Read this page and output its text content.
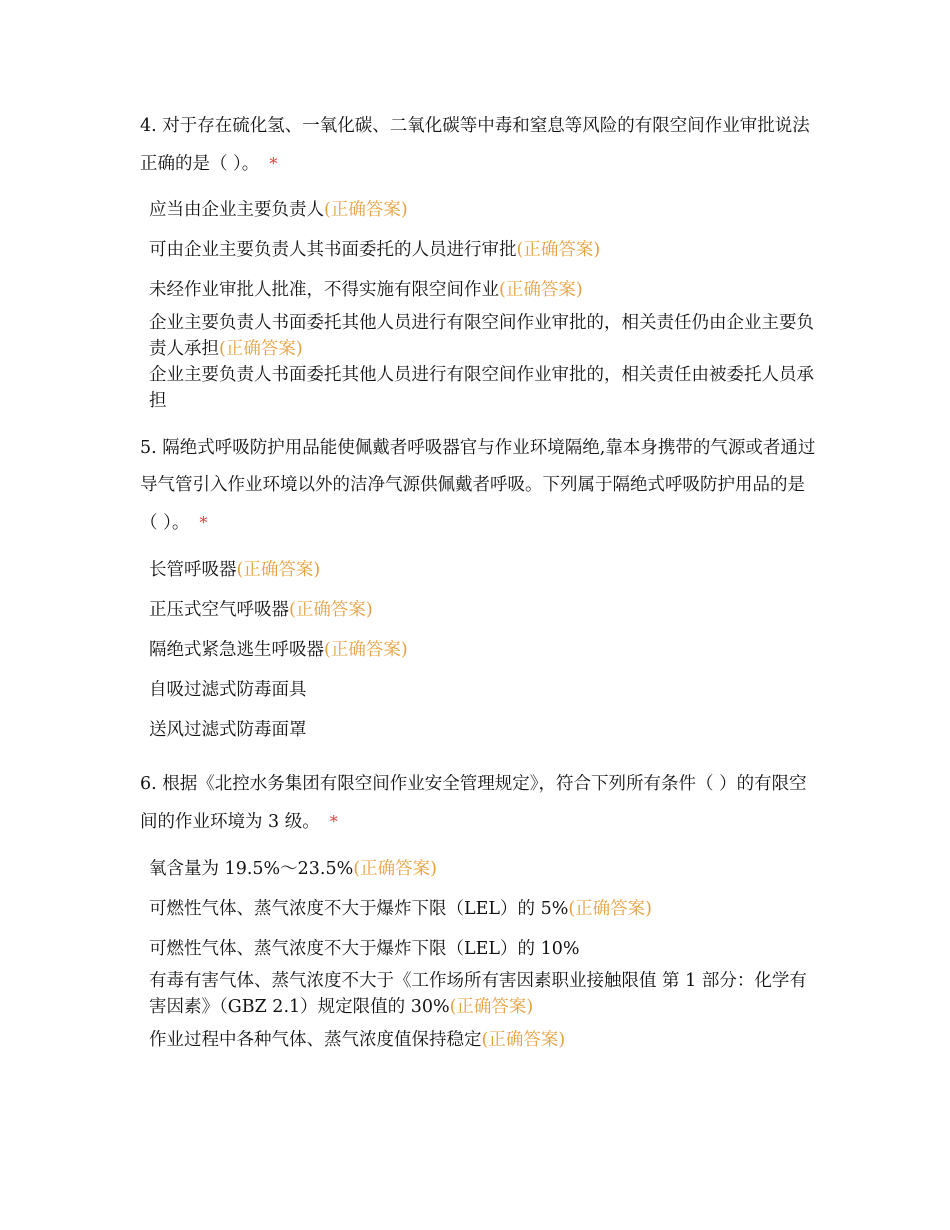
4. 对于存在硫化氢、一氧化碳、二氧化碳等中毒和窒息等风险的有限空间作业审批说法正确的是（ ）。 *

应当由企业主要负责人(正确答案)
可由企业主要负责人其书面委托的人员进行审批(正确答案)
未经作业审批人批准，不得实施有限空间作业(正确答案)
企业主要负责人书面委托其他人员进行有限空间作业审批的，相关责任仍由企业主要负责人承担(正确答案)
企业主要负责人书面委托其他人员进行有限空间作业审批的，相关责任由被委托人员承担

5. 隔绝式呼吸防护用品能使佩戴者呼吸器官与作业环境隔绝,靠本身携带的气源或者通过导气管引入作业环境以外的洁净气源供佩戴者呼吸。下列属于隔绝式呼吸防护用品的是（ ）。 *

长管呼吸器(正确答案)
正压式空气呼吸器(正确答案)
隔绝式紧急逃生呼吸器(正确答案)
自吸过滤式防毒面具
送风过滤式防毒面罩

6. 根据《北控水务集团有限空间作业安全管理规定》，符合下列所有条件（ ）的有限空间的作业环境为 3 级。 *

氧含量为 19.5%～23.5%(正确答案)
可燃性气体、蒸气浓度不大于爆炸下限（LEL）的 5%(正确答案)
可燃性气体、蒸气浓度不大于爆炸下限（LEL）的 10%
有毒有害气体、蒸气浓度不大于《工作场所有害因素职业接触限值 第 1 部分：化学有害因素》（GBZ 2.1）规定限值的 30%(正确答案)
作业过程中各种气体、蒸气浓度值保持稳定(正确答案)
